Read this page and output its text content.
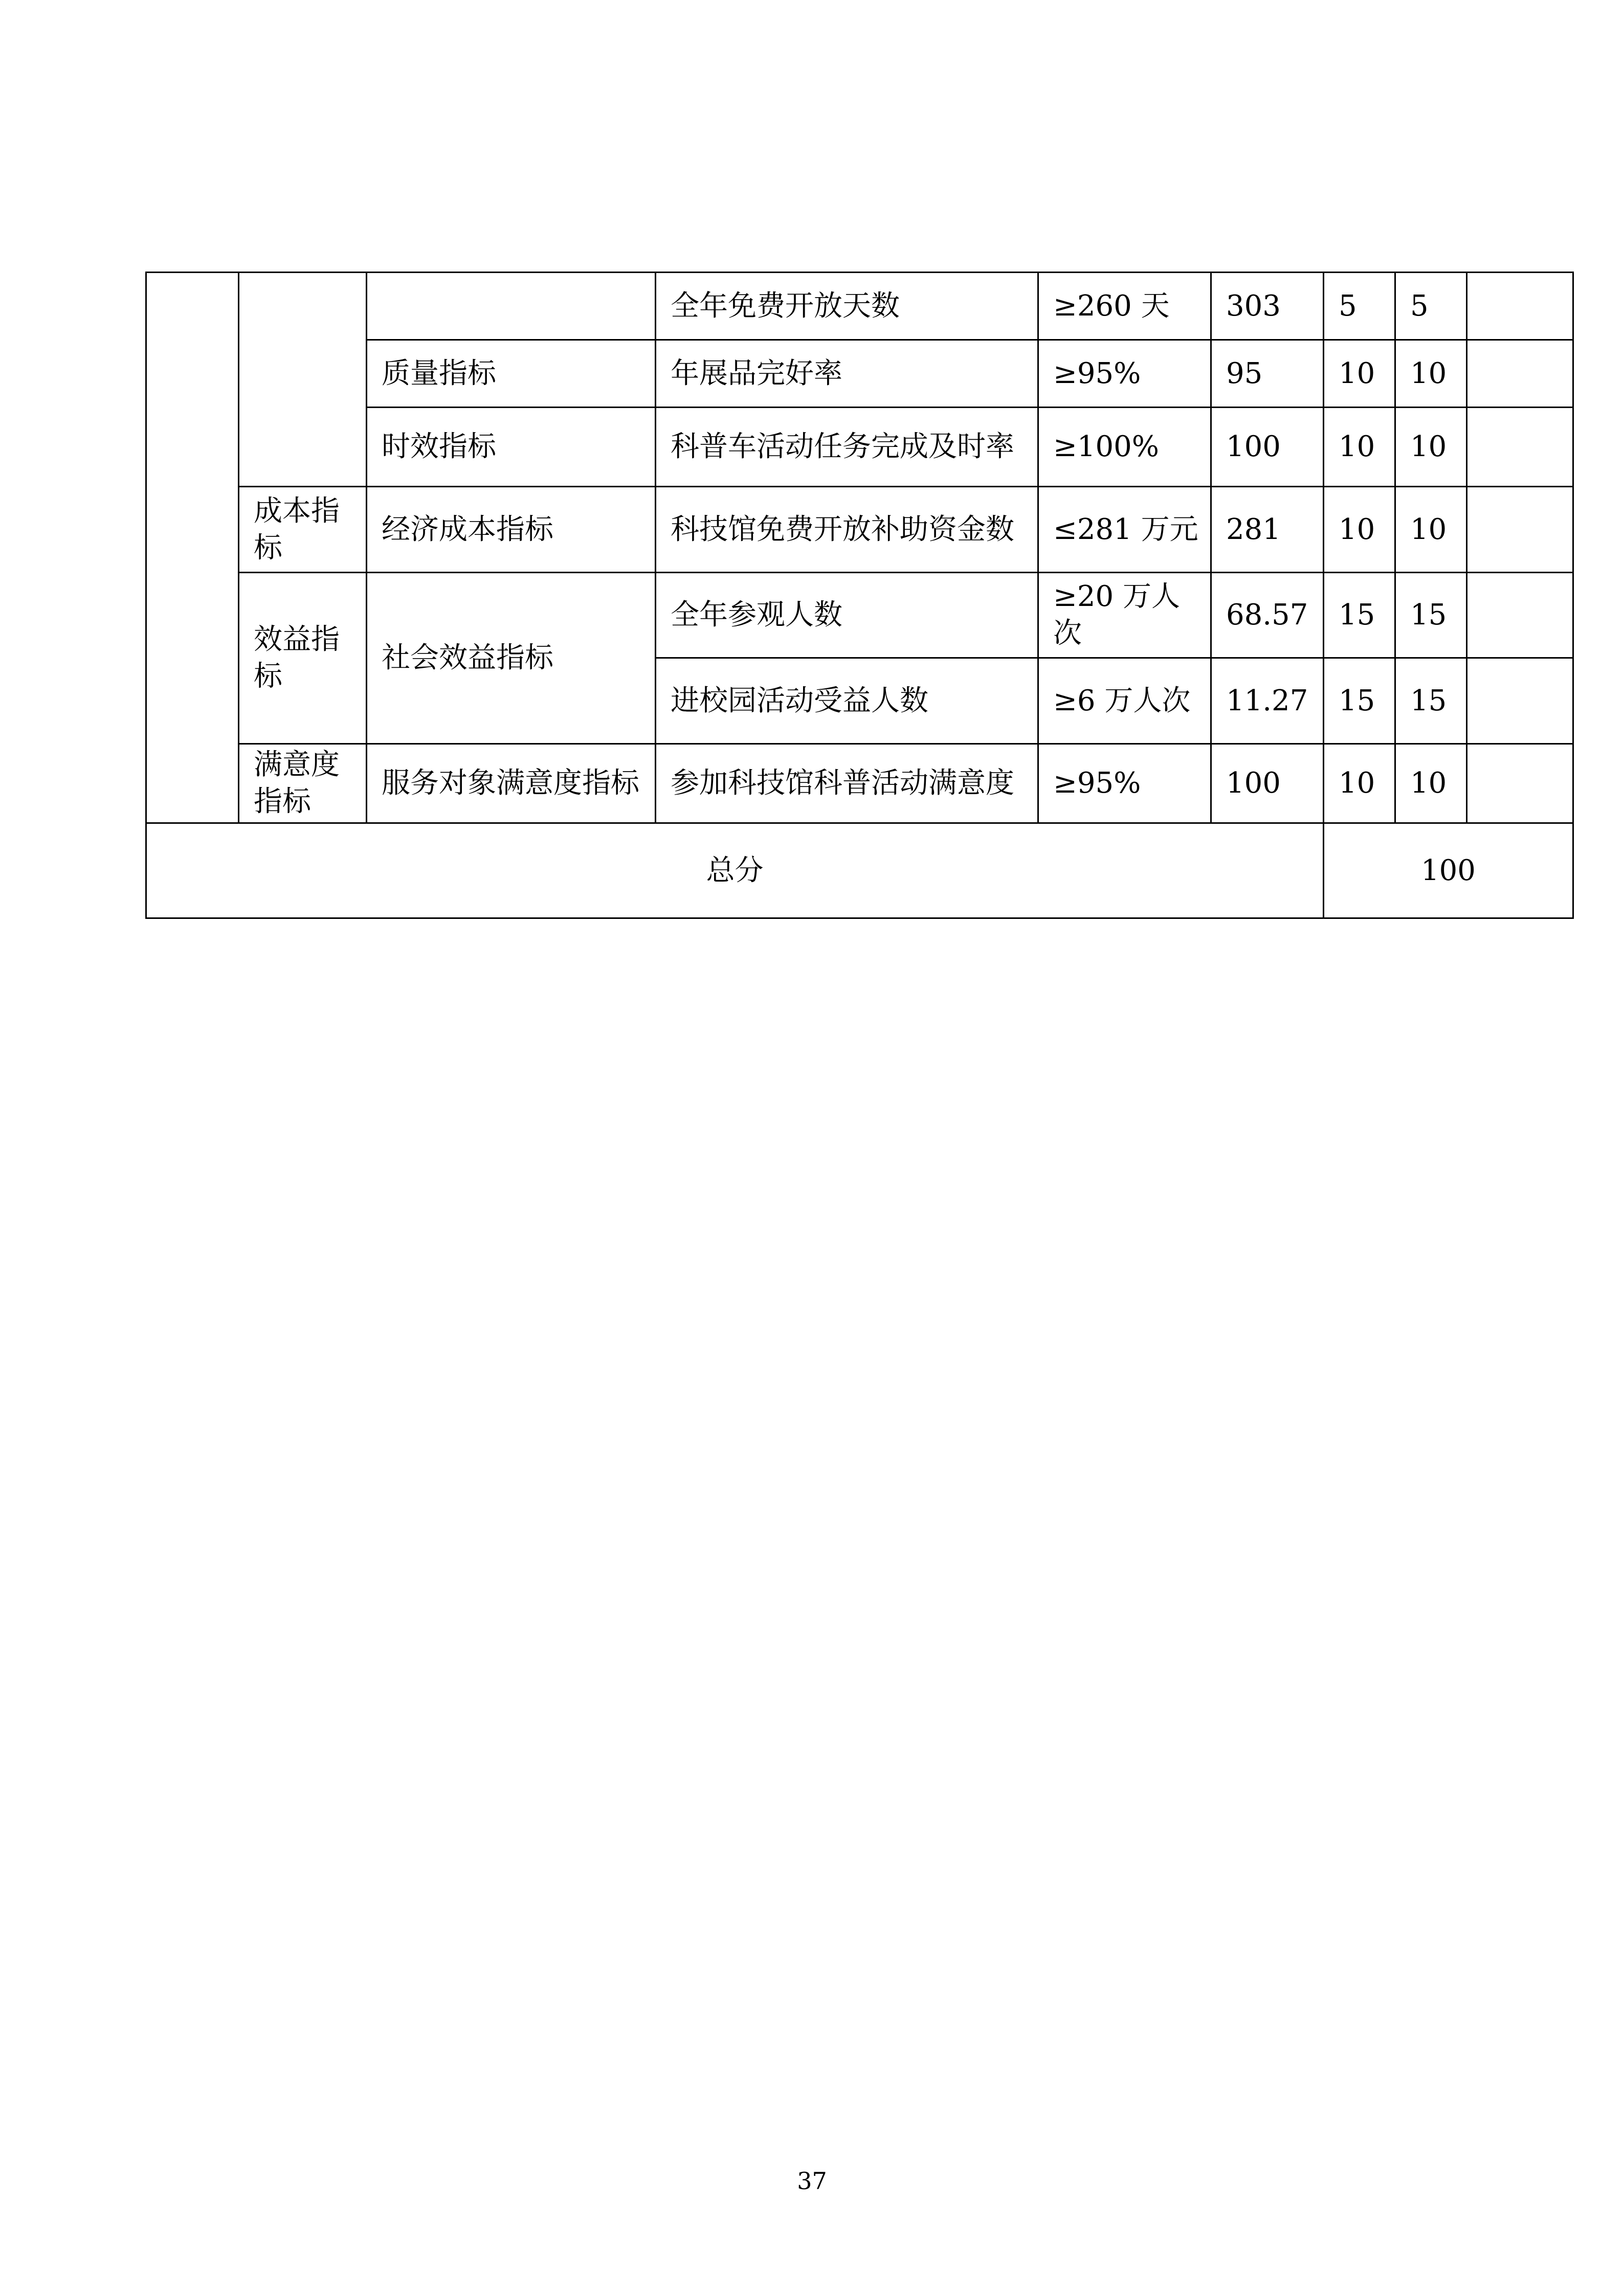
			全年免费开放天数	≥260 天	303	5	5	
		质量指标	年展品完好率	≥95%	95	10	10	
		时效指标	科普车活动任务完成及时率	≥100%	100	10	10	
	成本指标	经济成本指标	科技馆免费开放补助资金数	≤281 万元	281	10	10	
	效益指标	社会效益指标	全年参观人数	≥20 万人次	68.57	15	15	
			进校园活动受益人数	≥6 万人次	11.27	15	15	
	满意度指标	服务对象满意度指标	参加科技馆科普活动满意度	≥95%	100	10	10	
总分						100		
37
